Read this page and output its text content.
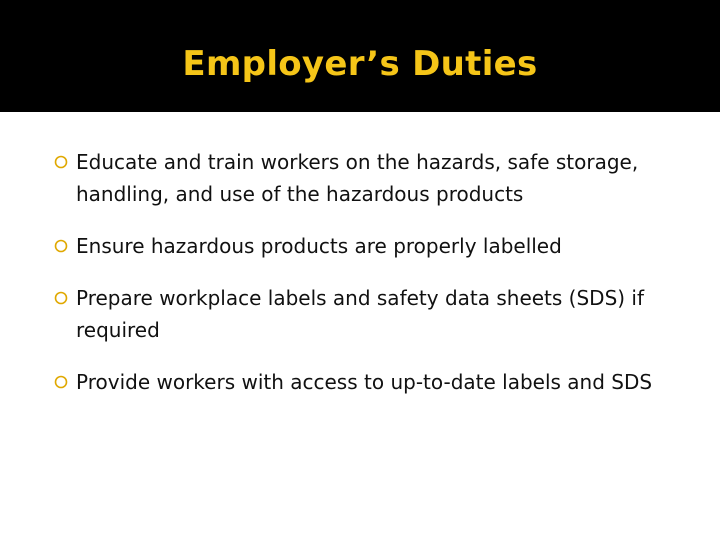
Employer’s Duties
Educate and train workers on the hazards, safe storage, handling, and use of the hazardous products
Ensure hazardous products are properly labelled
Prepare workplace labels and safety data sheets (SDS) if required
Provide workers with access to up-to-date labels and SDS
